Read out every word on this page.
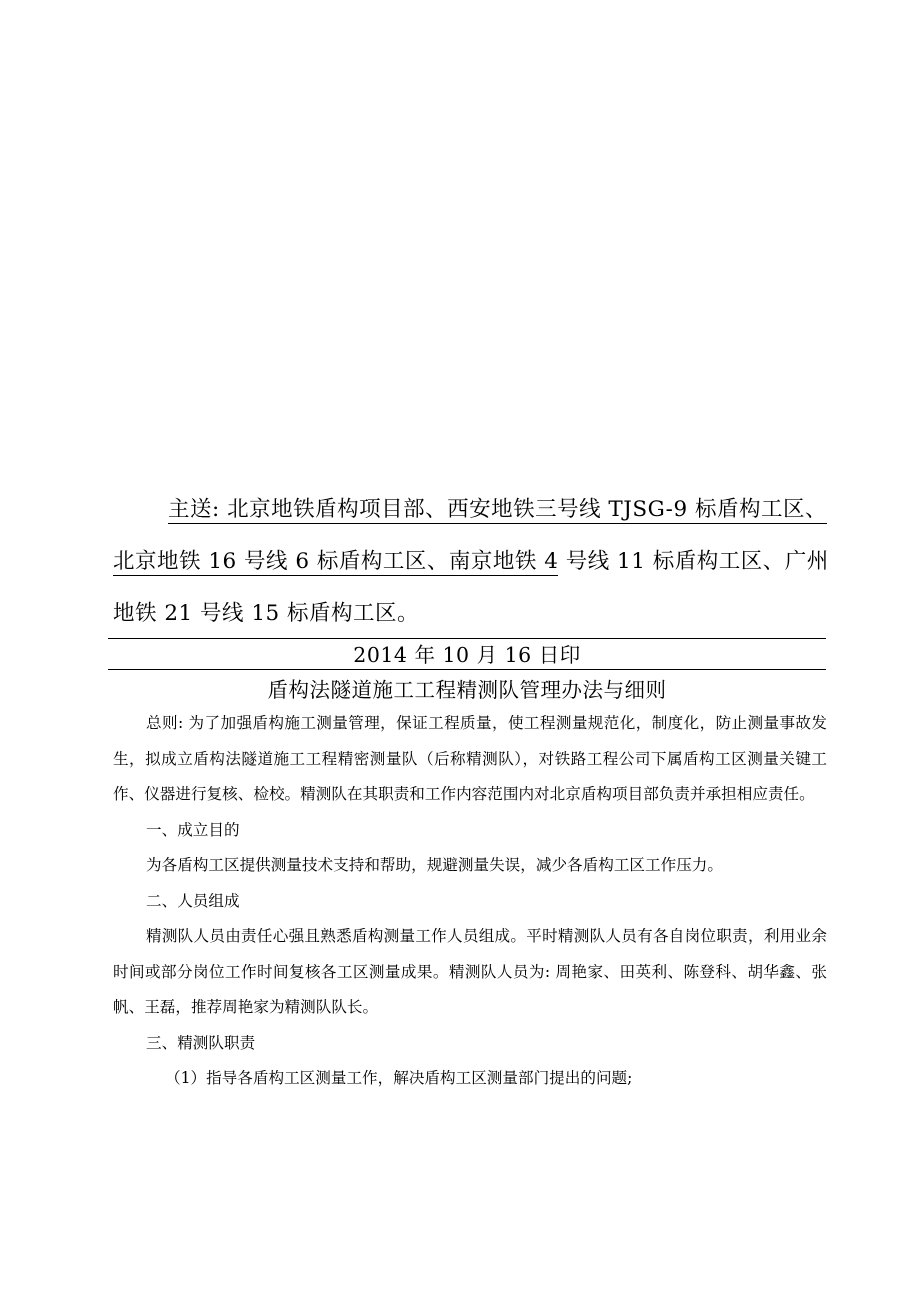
主送: 北京地铁盾构项目部、西安地铁三号线 TJSG-9 标盾构工区、
北京地铁 16 号线 6 标盾构工区、南京地铁 4 号线 11 标盾构工区、广州
地铁 21 号线 15 标盾构工区。
2014 年 10 月 16 日印
盾构法隧道施工工程精测队管理办法与细则

总则: 为了加强盾构施工测量管理，保证工程质量，使工程测量规范化，制度化，防止测量事故发生，拟成立盾构法隧道施工工程精密测量队（后称精测队），对铁路工程公司下属盾构工区测量关键工作、仪器进行复核、检校。精测队在其职责和工作内容范围内对北京盾构项目部负责并承担相应责任。

一、成立目的

为各盾构工区提供测量技术支持和帮助，规避测量失误，减少各盾构工区工作压力。

二、人员组成

精测队人员由责任心强且熟悉盾构测量工作人员组成。平时精测队人员有各自岗位职责，利用业余时间或部分岗位工作时间复核各工区测量成果。精测队人员为: 周艳家、田英利、陈登科、胡华鑫、张帆、王磊，推荐周艳家为精测队队长。

三、精测队职责

（1）指导各盾构工区测量工作，解决盾构工区测量部门提出的问题;
